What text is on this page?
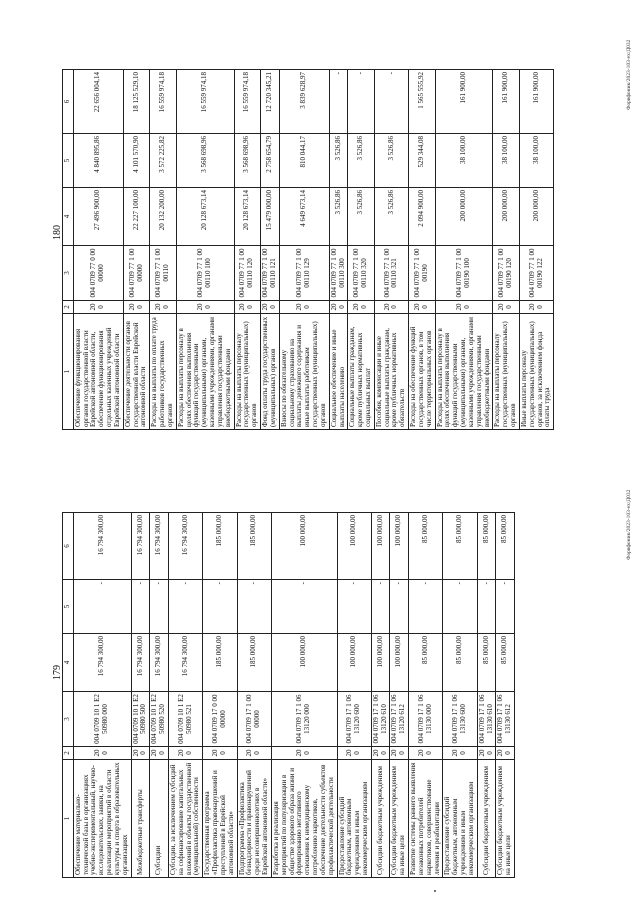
1	2	3	4	5	6
Обеспечение функционирования органов государственной власти Еврейской автономной области, обеспечение функционирования отдельных казенных учреждений Еврейской автономной области	200	004 0709 77 0 00 00000	27 496 900,00	4 840 895,86	22 656 004,14
Обеспечение деятельности органов государственной власти Еврейской автономной области	200	004 0709 77 1 00 00000	22 227 100,00	4 101 570,90	18 125 529,10
Расходы на выплаты по оплате труда работников государственных органов	200	004 0709 77 1 00 00110	20 132 200,00	3 572 225,82	16 559 974,18
Расходы на выплаты персоналу в целях обеспечения выполнения функций государственными (муниципальными) органами, казенными учреждениями, органами управления государственными внебюджетными фондами	200	004 0709 77 1 00 00110 100	20 128 673,14	3 568 698,96	16 559 974,18
Расходы на выплаты персоналу государственных (муниципальных) органов	200	004 0709 77 1 00 00110 120	20 128 673,14	3 568 698,96	16 559 974,18
Фонд оплаты труда государственных (муниципальных) органов	200	004 0709 77 1 00 00110 121	15 479 000,00	2 758 654,79	12 720 345,21
Взносы по обязательному социальному страхованию на выплаты денежного содержания и иные выплаты работникам государственных (муниципальных) органов	200	004 0709 77 1 00 00110 129	4 649 673,14	810 044,17	3 839 628,97
Социальное обеспечение и иные выплаты населению	200	004 0709 77 1 00 00110 300	3 526,86	3 526,86	-
Социальные выплаты гражданам, кроме публичных нормативных социальных выплат	200	004 0709 77 1 00 00110 320	3 526,86	3 526,86	-
Пособия, компенсации и иные социальные выплаты гражданам, кроме публичных нормативных обязательств	200	004 0709 77 1 00 00110 321	3 526,86	3 526,86	-
Расходы на обеспечение функций государственных органов, в том числе территориальных органов	200	004 0709 77 1 00 00190	2 094 900,00	529 344,08	1 565 555,92
Расходы на выплаты персоналу в целях обеспечения выполнения функций государственными (муниципальными) органами, казенными учреждениями, органами управления государственными внебюджетными фондами	200	004 0709 77 1 00 00190 100	200 000,00	38 100,00	161 900,00
Расходы на выплаты персоналу государственных (муниципальных) органов	200	004 0709 77 1 00 00190 120	200 000,00	38 100,00	161 900,00
Иные выплаты персоналу государственных (муниципальных) органов, за исключением фонда оплаты труда	200	004 0709 77 1 00 00190 122	200 000,00	38 100,00	161 900,00
180
Форвфоник/2023-103-ex/Д032
1	2	3	4	5	6
Обеспечение материально-технической базы в организациях учебно-экспериментальный, научно-исследовательских, заявки, на реализации мероприятий в области культуры и спорта в образовательных организациях	200	004 0709 10 1 E2 50980 000	16 794 300,00	-	16 794 300,00
Межбюджетные трансферты	200	004 0709 10 1 E2 50980 500	16 794 300,00	-	16 794 300,00
Субсидии	200	004 0709 10 1 E2 50980 520	16 794 300,00	-	16 794 300,00
Субсидии, за исключением субсидий на софинансирование капитальных вложений в объекты государственной (муниципальной) собственности	200	004 0709 10 1 E2 50980 521	16 794 300,00	-	16 794 300,00
Государственная программа «Профилактика правонарушений и преступлений в Еврейской автономной области»	200	004 0709 17 0 00 00000	185 000,00	-	185 000,00
Подпрограмма «Профилактика безнадзорности и правонарушений среди несовершеннолетних в Еврейской автономной области»	200	004 0709 17 1 00 00000	185 000,00	-	185 000,00
Разработка и реализация мероприятий по популяризации в обществе здорового образа жизни и формированию негативного отношения к немедицинскому потреблению наркотиков, обеспечение деятельности субъектов профилактической деятельности	200	004 0709 17 1 06 13120 000	100 000,00	-	100 000,00
Предоставление субсидий бюджетным, автономным учреждениям и иным некоммерческим организациям	200	004 0709 17 1 06 13120 600	100 000,00	-	100 000,00
Субсидии бюджетным учреждениям	200	004 0709 17 1 06 13120 610	100 000,00	-	100 000,00
Субсидии бюджетным учреждениям на иные цели	200	004 0709 17 1 06 13120 612	100 000,00	-	100 000,00
Развитие системы раннего выявления незаконных потребителей наркотиков, совершенствование лечения и реабилитации	200	004 0709 17 1 06 13130 000	85 000,00	-	85 000,00
Предоставление субсидий бюджетным, автономным учреждениям и иным некоммерческим организациям	200	004 0709 17 1 06 13130 600	85 000,00	-	85 000,00
Субсидии бюджетным учреждениям	200	004 0709 17 1 06 13130 610	85 000,00	-	85 000,00
Субсидии бюджетным учреждениям на иные цели	200	004 0709 17 1 06 13130 612	85 000,00	-	85 000,00
179
Форвфоник/2023-103-ex/Д032
